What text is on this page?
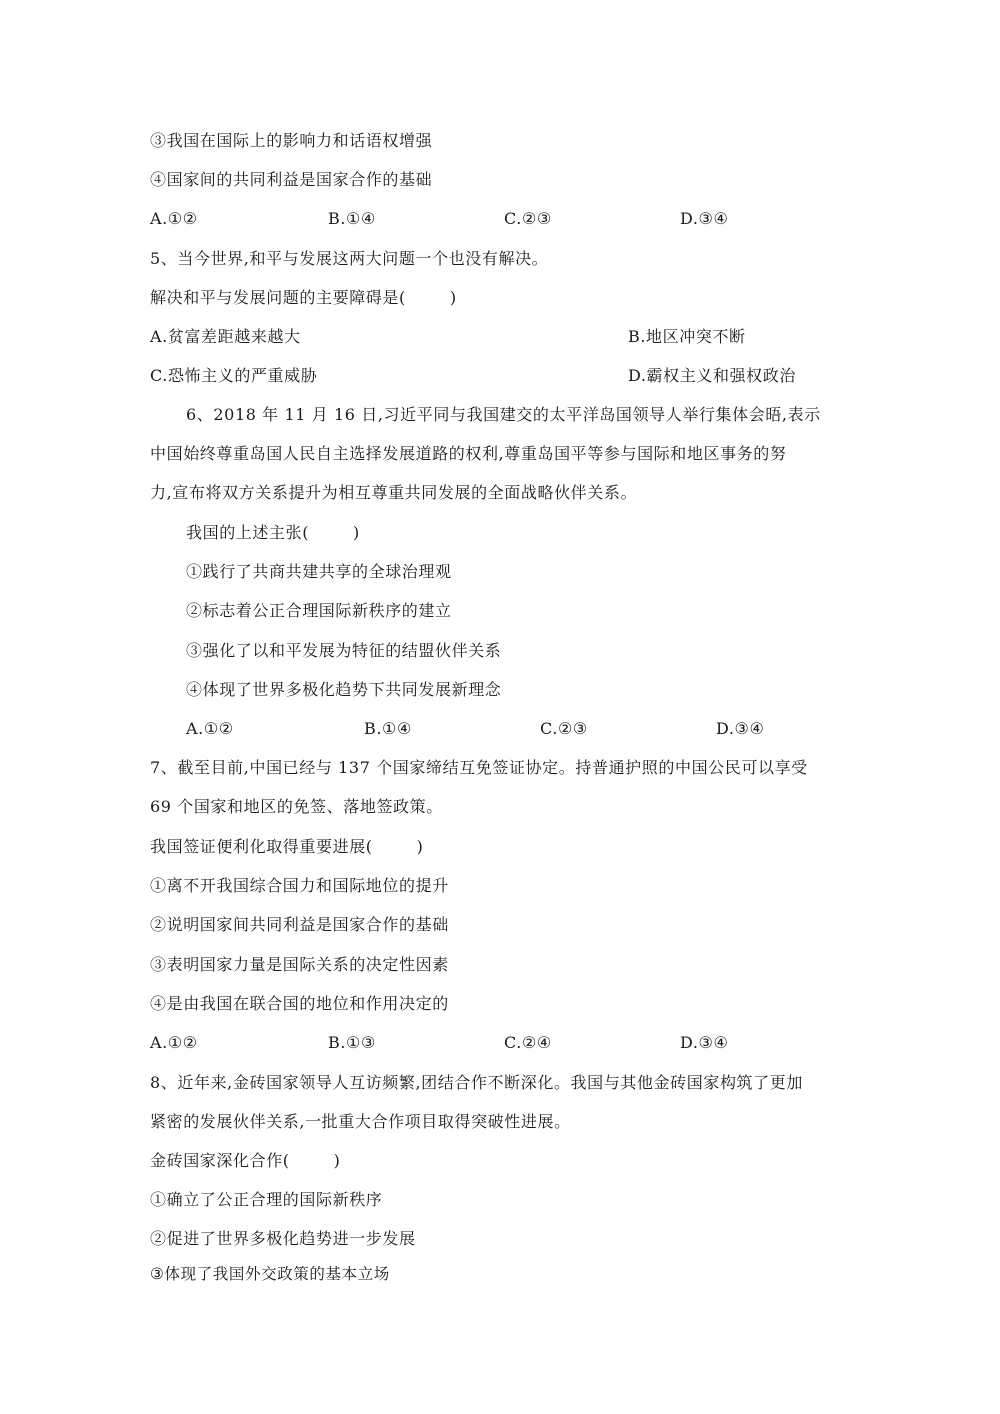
③我国在国际上的影响力和话语权增强
④国家间的共同利益是国家合作的基础
A.①②	B.①④	C.②③	D.③④
5、当今世界,和平与发展这两大问题一个也没有解决。
解决和平与发展问题的主要障碍是(	)
A.贫富差距越来越大	B.地区冲突不断
C.恐怖主义的严重威胁	D.霸权主义和强权政治
6、2018 年 11 月 16 日,习近平同与我国建交的太平洋岛国领导人举行集体会晤,表示
中国始终尊重岛国人民自主选择发展道路的权利,尊重岛国平等参与国际和地区事务的努
力,宣布将双方关系提升为相互尊重共同发展的全面战略伙伴关系。
我国的上述主张(	)
①践行了共商共建共享的全球治理观
②标志着公正合理国际新秩序的建立
③强化了以和平发展为特征的结盟伙伴关系
④体现了世界多极化趋势下共同发展新理念
A.①②	B.①④	C.②③	D.③④
7、截至目前,中国已经与 137 个国家缔结互免签证协定。持普通护照的中国公民可以享受
69 个国家和地区的免签、落地签政策。
我国签证便利化取得重要进展(	)
①离不开我国综合国力和国际地位的提升
②说明国家间共同利益是国家合作的基础
③表明国家力量是国际关系的决定性因素
④是由我国在联合国的地位和作用决定的
A.①②	B.①③	C.②④	D.③④
8、近年来,金砖国家领导人互访频繁,团结合作不断深化。我国与其他金砖国家构筑了更加
紧密的发展伙伴关系,一批重大合作项目取得突破性进展。
金砖国家深化合作(	)
①确立了公正合理的国际新秩序
②促进了世界多极化趋势进一步发展
③体现了我国外交政策的基本立场
